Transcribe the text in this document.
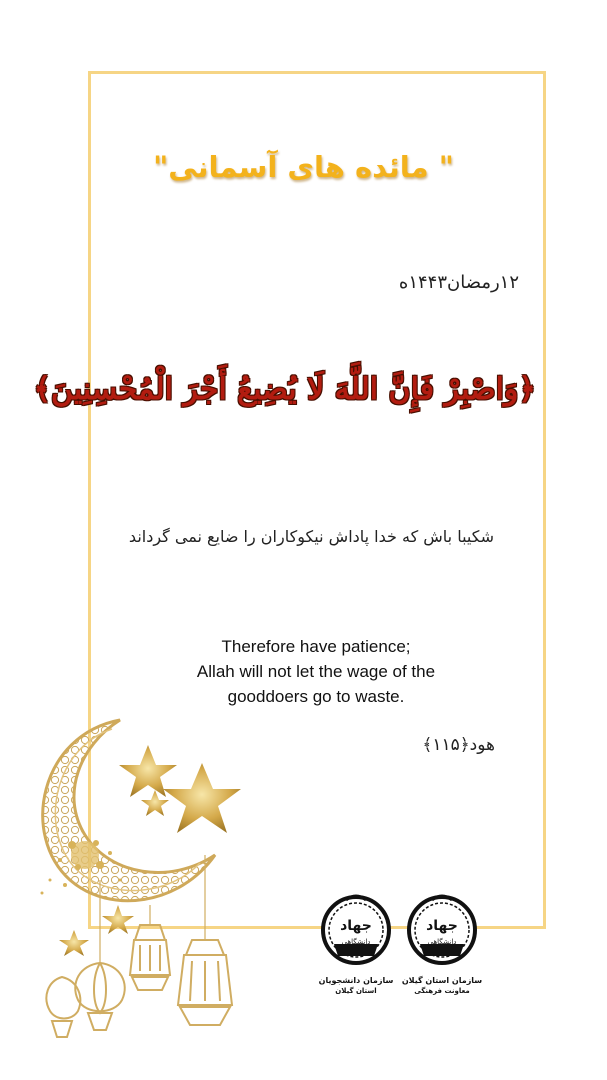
" مائده های آسمانی"
۱۲رمضان۱۴۴۳ه
﴿وَاصْبِرْ فَإِنَّ اللَّهَ لَا يُضِيعُ أَجْرَ الْمُحْسِنِينَ﴾
شکیبا باش که خدا پاداش نیکوکاران را ضایع نمی گرداند
Therefore have patience;
Allah will not let the wage of the
gooddoers go to waste.
هود﴿۱۱۵﴾
جهاد
دانشگاهی
سازمان دانشجویان
استان گیلان
جهاد
دانشگاهی
سازمان استان گیلان
معاونت فرهنگی
